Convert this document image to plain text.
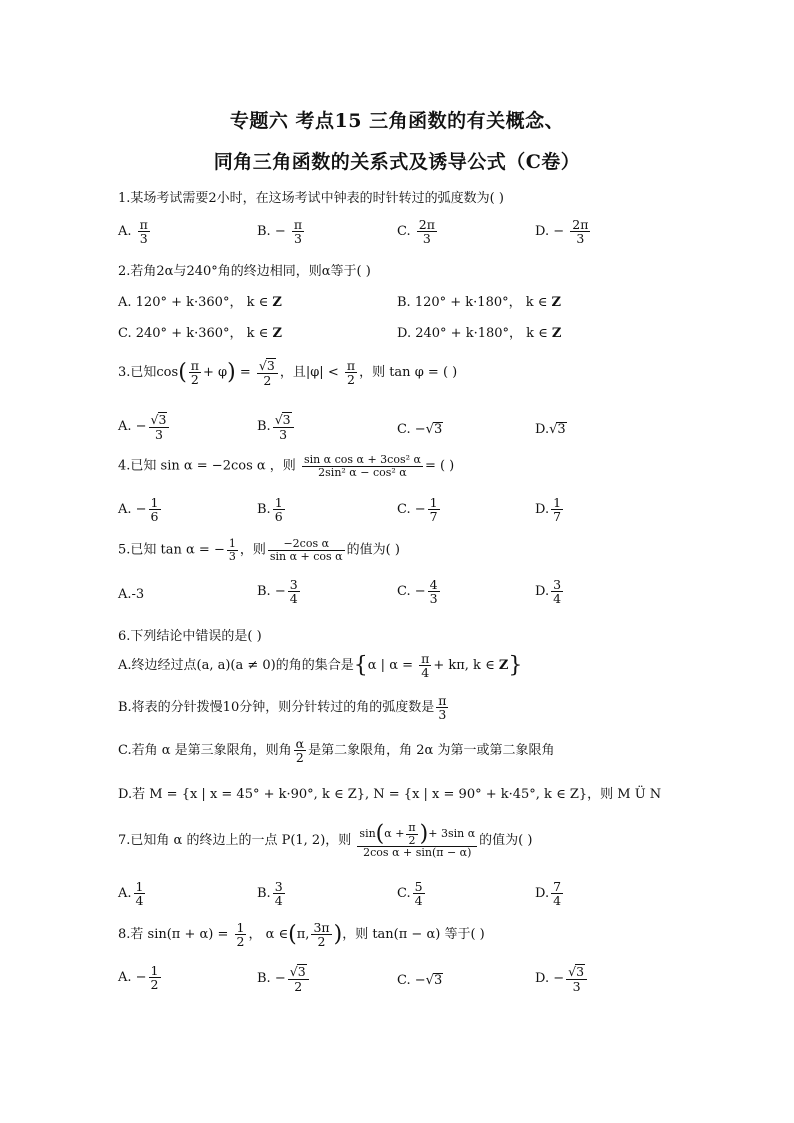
专题六 考点15 三角函数的有关概念、
同角三角函数的关系式及诱导公式（C卷）
1.某场考试需要2小时，在这场考试中钟表的时针转过的弧度数为( )
A. $\frac{\pi}{3}$	B. − $\frac{\pi}{3}$	C. $\frac{2\pi}{3}$	D. − $\frac{2\pi}{3}$
2.若角2α与240°角的终边相同，则α等于( )
A. 120° + k·360°， k ∈ Z	B. 120° + k·180°， k ∈ Z
C. 240° + k·360°， k ∈ Z	D. 240° + k·180°， k ∈ Z
3.已知$\cos( \frac{\pi}{2} + \varphi) = \frac{√3}{2}$ ，且$|\varphi| < \frac{\pi}{2}$ ，则 tan φ = ( )
A. − $\frac{√3}{3}$	B. $\frac{√3}{3}$	C. −√3	D.√3
4.已知 sin α = −2cos α ，则 $\frac{\text{sin α cos α + 3cos² α}}{\text{2sin² α − cos² α}}$ = ( )
A. − $\frac{1}{6}$	B. $\frac{1}{6}$	C. − $\frac{1}{7}$	D. $\frac{1}{7}$
5.已知 tan α = − $\frac{1}{3}$ ，则 $\frac{\text{−2cos α}}{\text{sin α + cos α}}$ 的值为( )
A.-3	B. − $\frac{3}{4}$	C. − $\frac{4}{3}$	D. $\frac{3}{4}$
6.下列结论中错误的是( )
A.终边经过点(a, a)(a ≠ 0)的角的集合是{α | $\alpha = \frac{\pi}{4} + k\pi$, k ∈ Z}
B.将表的分针拨慢10分钟，则分针转过的角的弧度数是 $\frac{\pi}{3}$
C.若角 α 是第三象限角，则角 $\frac{\alpha}{2}$ 是第二象限角，角 2α 为第一或第二象限角
D.若 M = {x | x = 45° + k·90°, k ∈ Z}, N = {x | x = 90° + k·45°, k ∈ Z}，则 M Ü N
7.已知角 α 的终边上的一点 P(1, 2)，则 $\frac{\sin(\alpha + \frac{\pi}{2} )+ 3\sin \alpha}{\text{2cos α + sin(π − α)}}$ 的值为( )
A. $\frac{1}{4}$	B. $\frac{3}{4}$	C. $\frac{5}{4}$	D. $\frac{7}{4}$
8.若 $\sin(\pi + \alpha) = \frac{1}{2}$ ， α ∈(π, $\frac{3\pi}{2}$ )，则 tan(π − α) 等于( )
A. − $\frac{1}{2}$	B. − $\frac{√3}{2}$	C. −√3	D. − $\frac{√3}{3}$
